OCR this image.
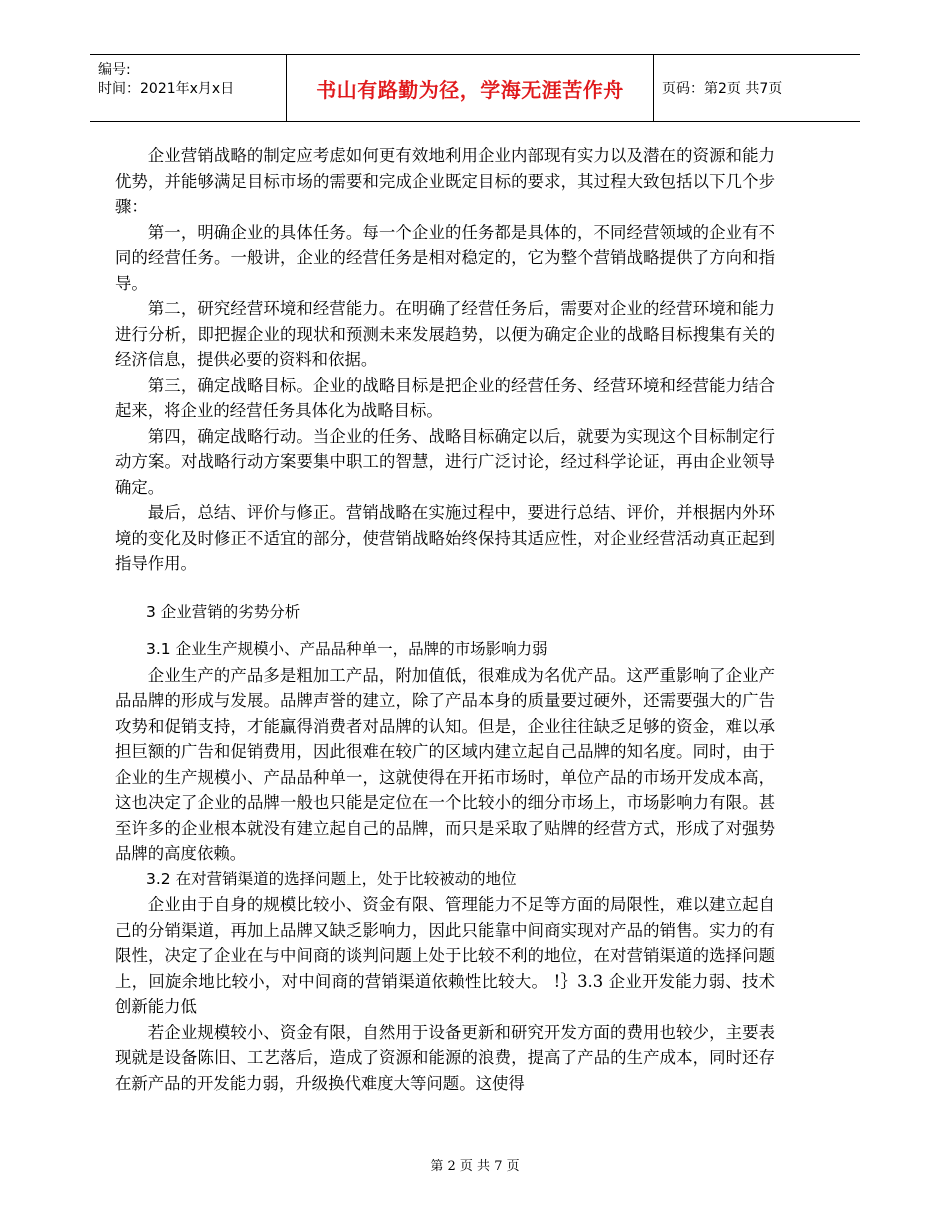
编号:
时间：2021年x月x日	书山有路勤为径，学海无涯苦作舟	页码：第2页 共7页

企业营销战略的制定应考虑如何更有效地利用企业内部现有实力以及潜在的资源和能力优势，并能够满足目标市场的需要和完成企业既定目标的要求，其过程大致包括以下几个步骤：

第一，明确企业的具体任务。每一个企业的任务都是具体的，不同经营领域的企业有不同的经营任务。一般讲，企业的经营任务是相对稳定的，它为整个营销战略提供了方向和指导。

第二，研究经营环境和经营能力。在明确了经营任务后，需要对企业的经营环境和能力进行分析，即把握企业的现状和预测未来发展趋势，以便为确定企业的战略目标搜集有关的经济信息，提供必要的资料和依据。

第三，确定战略目标。企业的战略目标是把企业的经营任务、经营环境和经营能力结合起来，将企业的经营任务具体化为战略目标。

第四，确定战略行动。当企业的任务、战略目标确定以后，就要为实现这个目标制定行动方案。对战略行动方案要集中职工的智慧，进行广泛讨论，经过科学论证，再由企业领导确定。

最后，总结、评价与修正。营销战略在实施过程中，要进行总结、评价，并根据内外环境的变化及时修正不适宜的部分，使营销战略始终保持其适应性，对企业经营活动真正起到指导作用。

3 企业营销的劣势分析

3.1 企业生产规模小、产品品种单一，品牌的市场影响力弱

企业生产的产品多是粗加工产品，附加值低，很难成为名优产品。这严重影响了企业产品品牌的形成与发展。品牌声誉的建立，除了产品本身的质量要过硬外，还需要强大的广告攻势和促销支持，才能赢得消费者对品牌的认知。但是，企业往往缺乏足够的资金，难以承担巨额的广告和促销费用，因此很难在较广的区域内建立起自己品牌的知名度。同时，由于企业的生产规模小、产品品种单一，这就使得在开拓市场时，单位产品的市场开发成本高，这也决定了企业的品牌一般也只能是定位在一个比较小的细分市场上，市场影响力有限。甚至许多的企业根本就没有建立起自己的品牌，而只是采取了贴牌的经营方式，形成了对强势品牌的高度依赖。

3.2 在对营销渠道的选择问题上，处于比较被动的地位

企业由于自身的规模比较小、资金有限、管理能力不足等方面的局限性，难以建立起自己的分销渠道，再加上品牌又缺乏影响力，因此只能靠中间商实现对产品的销售。实力的有限性，决定了企业在与中间商的谈判问题上处于比较不利的地位，在对营销渠道的选择问题上，回旋余地比较小，对中间商的营销渠道依赖性比较大。 !｝3.3 企业开发能力弱、技术创新能力低

若企业规模较小、资金有限，自然用于设备更新和研究开发方面的费用也较少，主要表现就是设备陈旧、工艺落后，造成了资源和能源的浪费，提高了产品的生产成本，同时还存在新产品的开发能力弱，升级换代难度大等问题。这使得

第 2 页 共 7 页
